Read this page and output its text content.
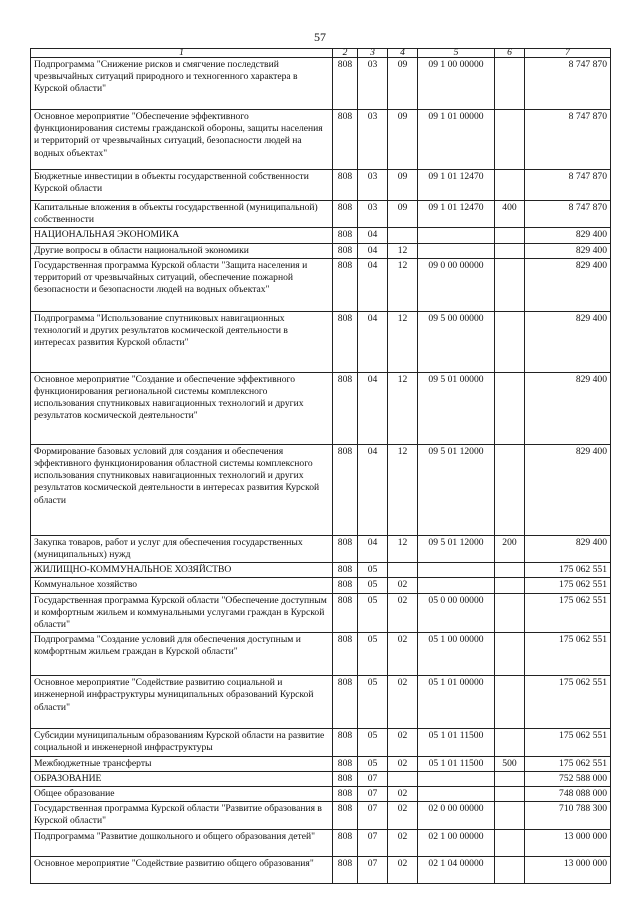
57
1	2	3	4	5	6	7
Подпрограмма "Снижение рисков и смягчение последствий чрезвычайных ситуаций природного и техногенного характера в Курской области"	808	03	09	09 1 00 00000		8 747 870
Основное мероприятие "Обеспечение эффективного функционирования системы гражданской обороны, защиты населения и территорий от чрезвычайных ситуаций, безопасности людей на водных объектах"	808	03	09	09 1 01 00000		8 747 870
Бюджетные инвестиции в объекты государственной собственности Курской области	808	03	09	09 1 01 12470		8 747 870
Капитальные вложения в объекты государственной (муниципальной) собственности	808	03	09	09 1 01 12470	400	8 747 870
НАЦИОНАЛЬНАЯ ЭКОНОМИКА	808	04				829 400
Другие вопросы в области национальной экономики	808	04	12			829 400
Государственная программа Курской области "Защита населения и территорий от чрезвычайных ситуаций, обеспечение пожарной безопасности и безопасности людей на водных объектах"	808	04	12	09 0 00 00000		829 400
Подпрограмма "Использование спутниковых навигационных технологий и других результатов космической деятельности в интересах развития Курской области"	808	04	12	09 5 00 00000		829 400
Основное мероприятие "Создание и обеспечение эффективного функционирования региональной системы комплексного использования спутниковых навигационных технологий и других результатов космической деятельности"	808	04	12	09 5 01 00000		829 400
Формирование базовых условий для создания и обеспечения эффективного функционирования областной системы комплексного использования спутниковых навигационных технологий и других результатов космической деятельности в интересах развития Курской области	808	04	12	09 5 01 12000		829 400
Закупка товаров, работ и услуг для обеспечения государственных (муниципальных) нужд	808	04	12	09 5 01 12000	200	829 400
ЖИЛИЩНО-КОММУНАЛЬНОЕ ХОЗЯЙСТВО	808	05				175 062 551
Коммунальное хозяйство	808	05	02			175 062 551
Государственная программа Курской области "Обеспечение доступным и комфортным жильем и коммунальными услугами граждан в Курской области"	808	05	02	05 0 00 00000		175 062 551
Подпрограмма "Создание условий для обеспечения доступным и комфортным жильем граждан в Курской области"	808	05	02	05 1 00 00000		175 062 551
Основное мероприятие "Содействие развитию социальной и инженерной инфраструктуры муниципальных образований Курской области"	808	05	02	05 1 01 00000		175 062 551
Субсидии муниципальным образованиям Курской области на развитие социальной и инженерной инфраструктуры	808	05	02	05 1 01 11500		175 062 551
Межбюджетные трансферты	808	05	02	05 1 01 11500	500	175 062 551
ОБРАЗОВАНИЕ	808	07				752 588 000
Общее образование	808	07	02			748 088 000
Государственная программа Курской области "Развитие образования в Курской области"	808	07	02	02 0 00 00000		710 788 300
Подпрограмма "Развитие дошкольного и общего образования детей"	808	07	02	02 1 00 00000		13 000 000
Основное мероприятие "Содействие развитию общего образования"	808	07	02	02 1 04 00000		13 000 000
